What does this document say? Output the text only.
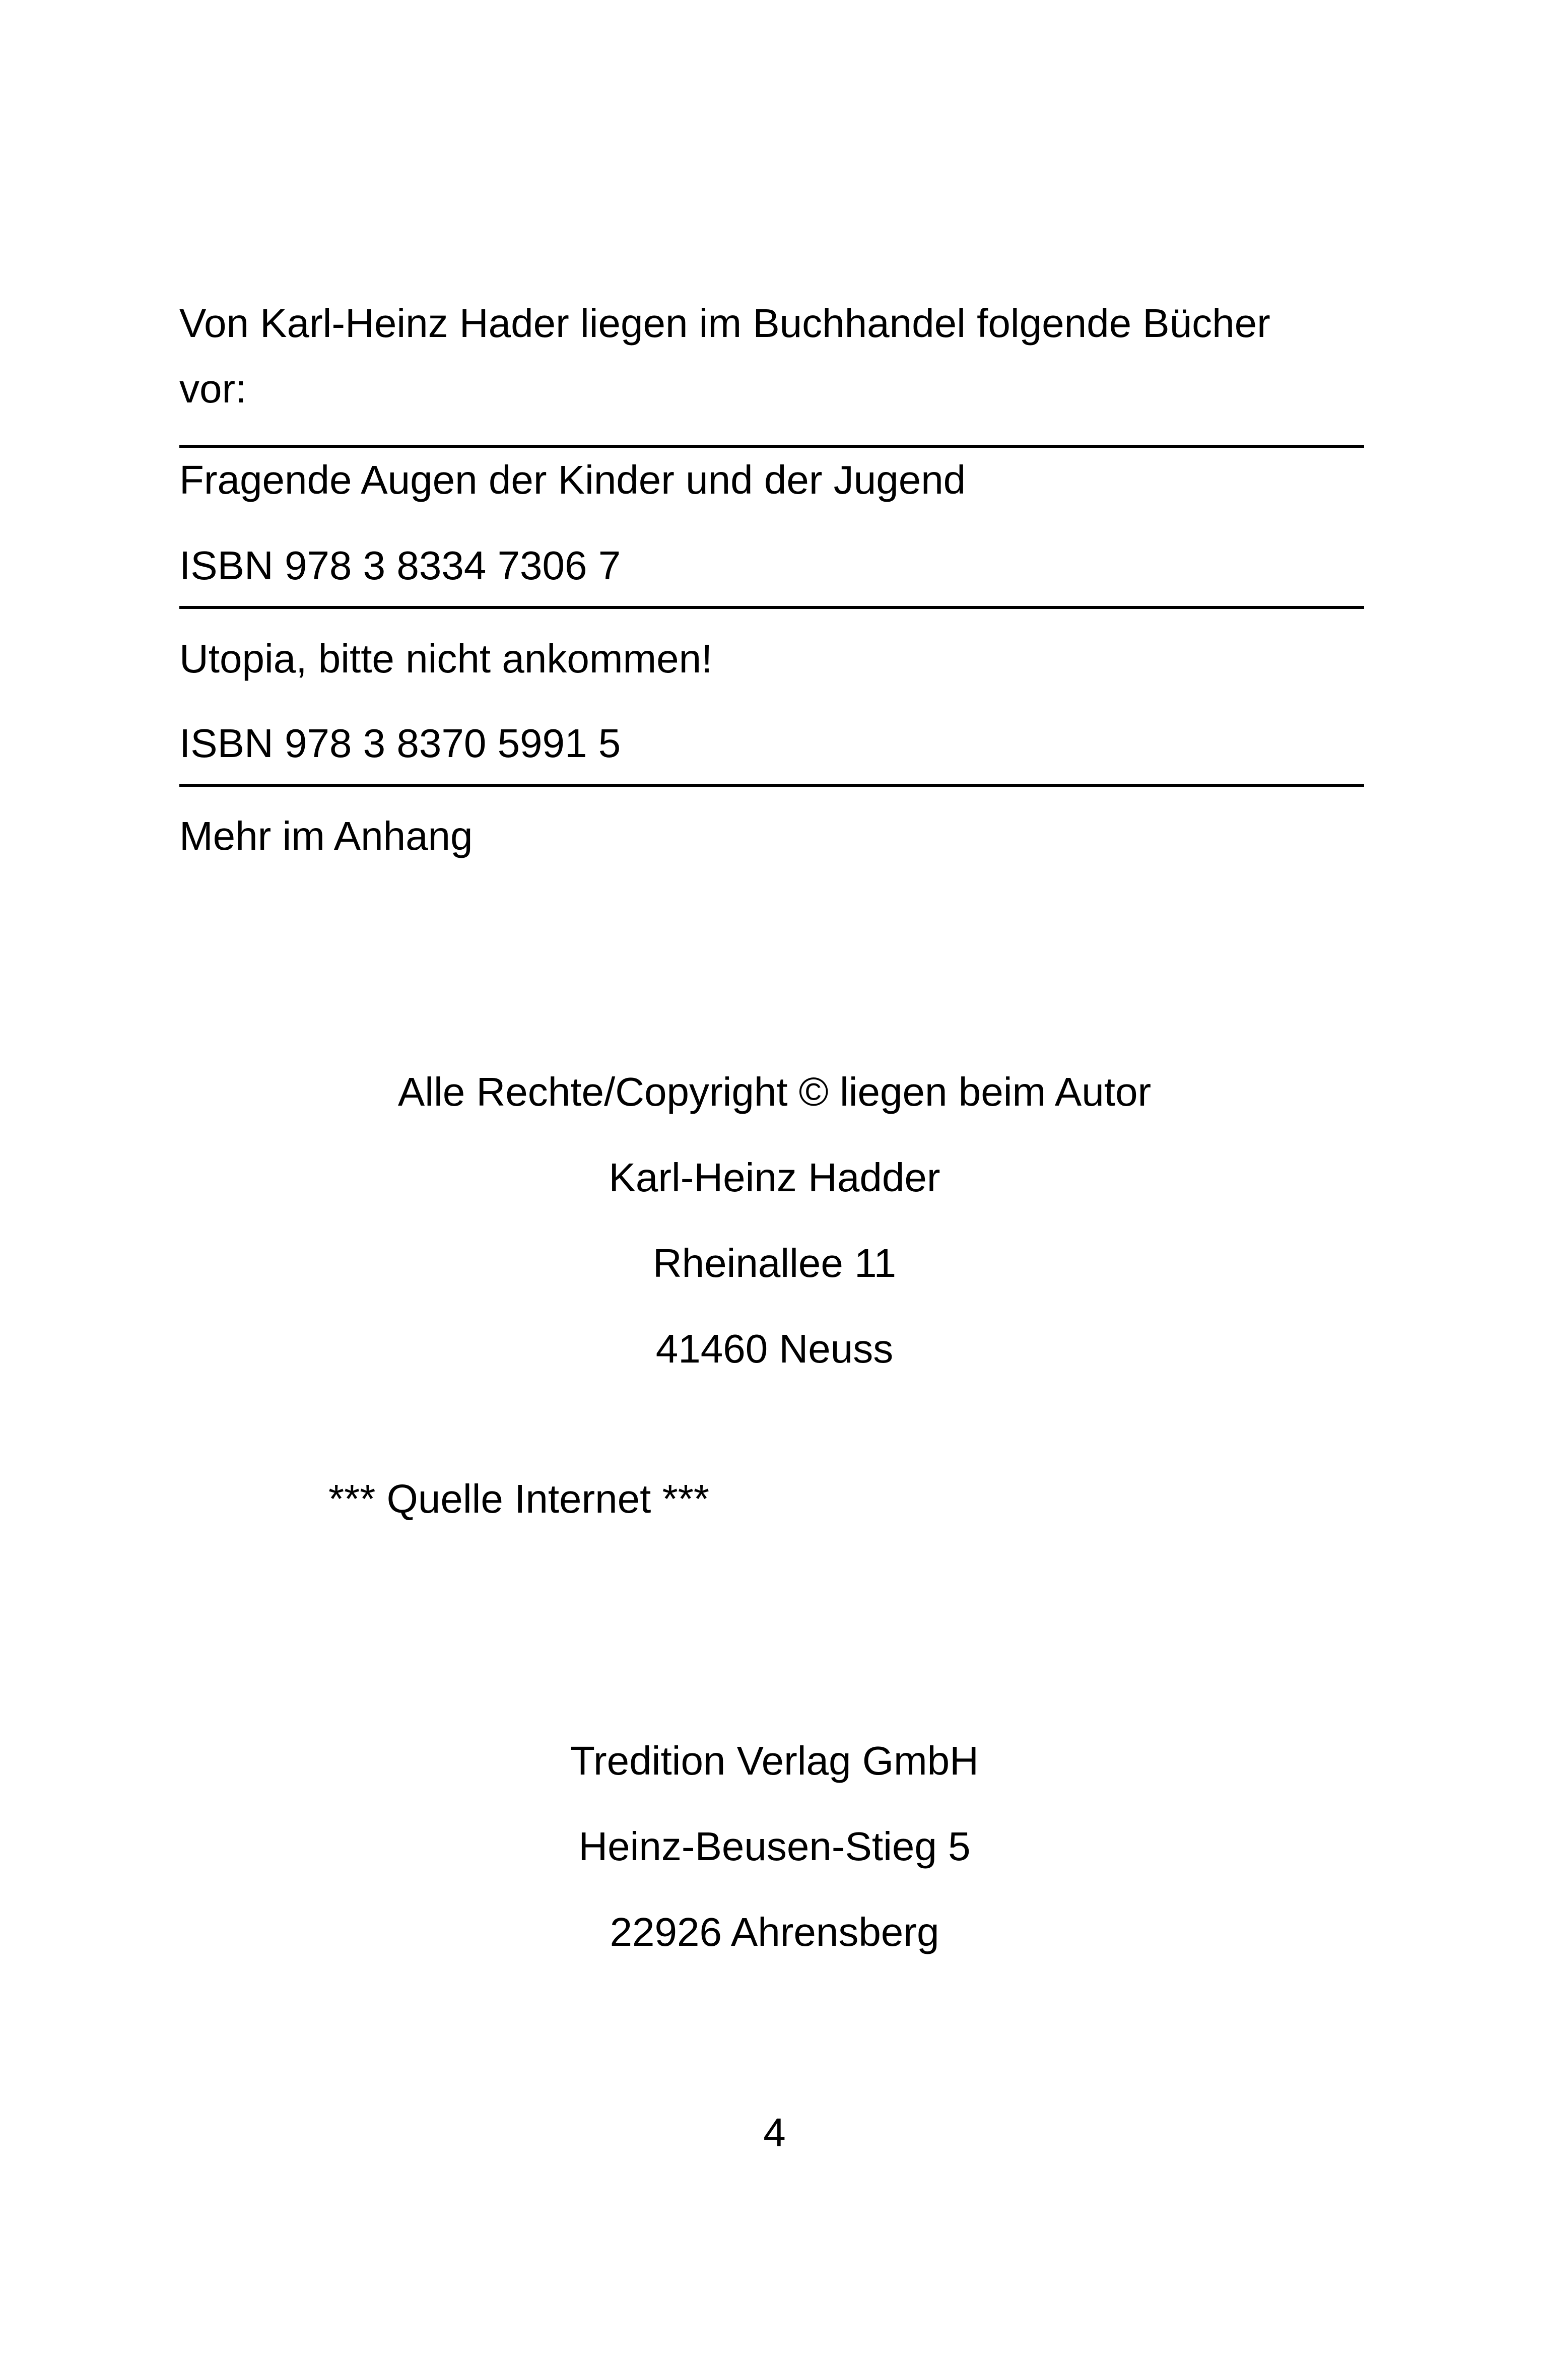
Von Karl-Heinz Hader liegen im Buchhandel folgende Bücher
vor:
Fragende Augen der Kinder und der Jugend
ISBN 978 3 8334 7306 7
Utopia, bitte nicht ankommen!
ISBN 978 3 8370 5991 5
Mehr im Anhang
Alle Rechte/Copyright © liegen beim Autor
Karl-Heinz Hadder
Rheinallee 11
41460 Neuss
*** Quelle Internet ***
Tredition Verlag GmbH
Heinz-Beusen-Stieg 5
22926 Ahrensberg
4
